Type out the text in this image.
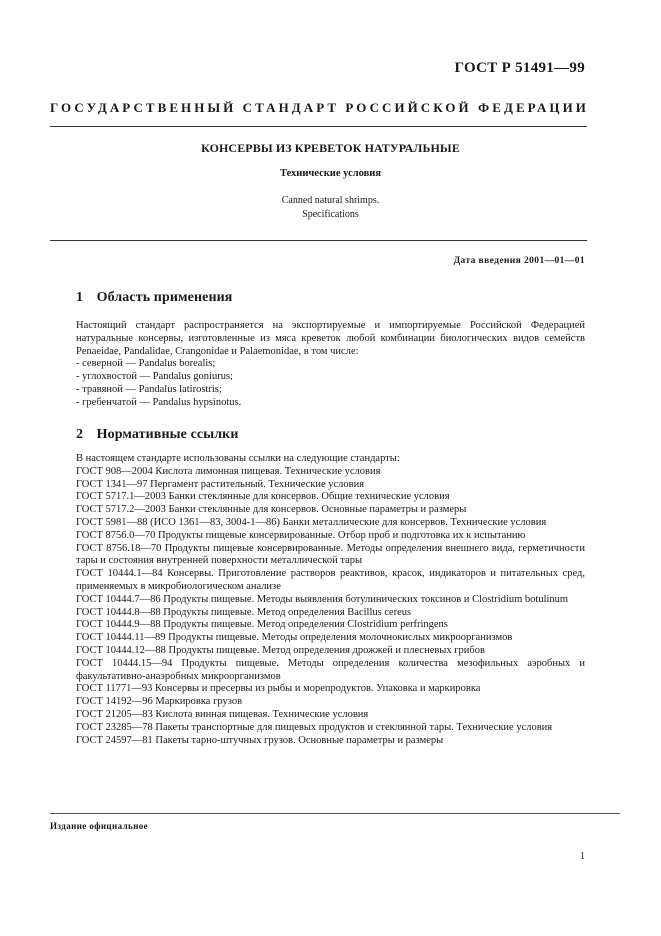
ГОСТ Р 51491—99
ГОСУДАРСТВЕННЫЙ СТАНДАРТ РОССИЙСКОЙ ФЕДЕРАЦИИ
КОНСЕРВЫ ИЗ КРЕВЕТОК НАТУРАЛЬНЫЕ
Технические условия
Canned natural shrimps.
Specifications
Дата введения 2001—01—01
1 Область применения

Настоящий стандарт распространяется на экспортируемые и импортируемые Российской Федерацией натуральные консервы, изготовленные из мяса креветок любой комбинации биологических видов семейств Penaeidae, Pandalidae, Crangonidae и Palaemonidae, в том числе:

- северной — Pandalus borealis;

- углохвостой — Pandalus goniurus;

- травяной — Pandalus latirostris;

- гребенчатой — Pandalus hypsinotus.

2 Нормативные ссылки

В настоящем стандарте использованы ссылки на следующие стандарты:

ГОСТ 908—2004 Кислота лимонная пищевая. Технические условия

ГОСТ 1341—97 Пергамент растительный. Технические условия

ГОСТ 5717.1—2003 Банки стеклянные для консервов. Общие технические условия

ГОСТ 5717.2—2003 Банки стеклянные для консервов. Основные параметры и размеры

ГОСТ 5981—88 (ИСО 1361—83, 3004-1—86) Банки металлические для консервов. Технические условия

ГОСТ 8756.0—70 Продукты пищевые консервированные. Отбор проб и подготовка их к испытанию

ГОСТ 8756.18—70 Продукты пищевые консервированные. Методы определения внешнего вида, герметичности тары и состояния внутренней поверхности металлической тары

ГОСТ 10444.1—84 Консервы. Приготовление растворов реактивов, красок, индикаторов и питательных сред, применяемых в микробиологическом анализе

ГОСТ 10444.7—86 Продукты пищевые. Методы выявления ботулинических токсинов и Clostridium botulinum

ГОСТ 10444.8—88 Продукты пищевые. Метод определения Bacillus cereus

ГОСТ 10444.9—88 Продукты пищевые. Метод определения Clostridium perfringens

ГОСТ 10444.11—89 Продукты пищевые. Методы определения молочнокислых микроорганизмов

ГОСТ 10444.12—88 Продукты пищевые. Метод определения дрожжей и плесневых грибов

ГОСТ 10444.15—94 Продукты пищевые. Методы определения количества мезофильных аэробных и факультативно-анаэробных микроорганизмов

ГОСТ 11771—93 Консервы и пресервы из рыбы и морепродуктов. Упаковка и маркировка

ГОСТ 14192—96 Маркировка грузов

ГОСТ 21205—83 Кислота винная пищевая. Технические условия

ГОСТ 23285—78 Пакеты транспортные для пищевых продуктов и стеклянной тары. Технические условия

ГОСТ 24597—81 Пакеты тарно-штучных грузов. Основные параметры и размеры

Издание официальное
1
